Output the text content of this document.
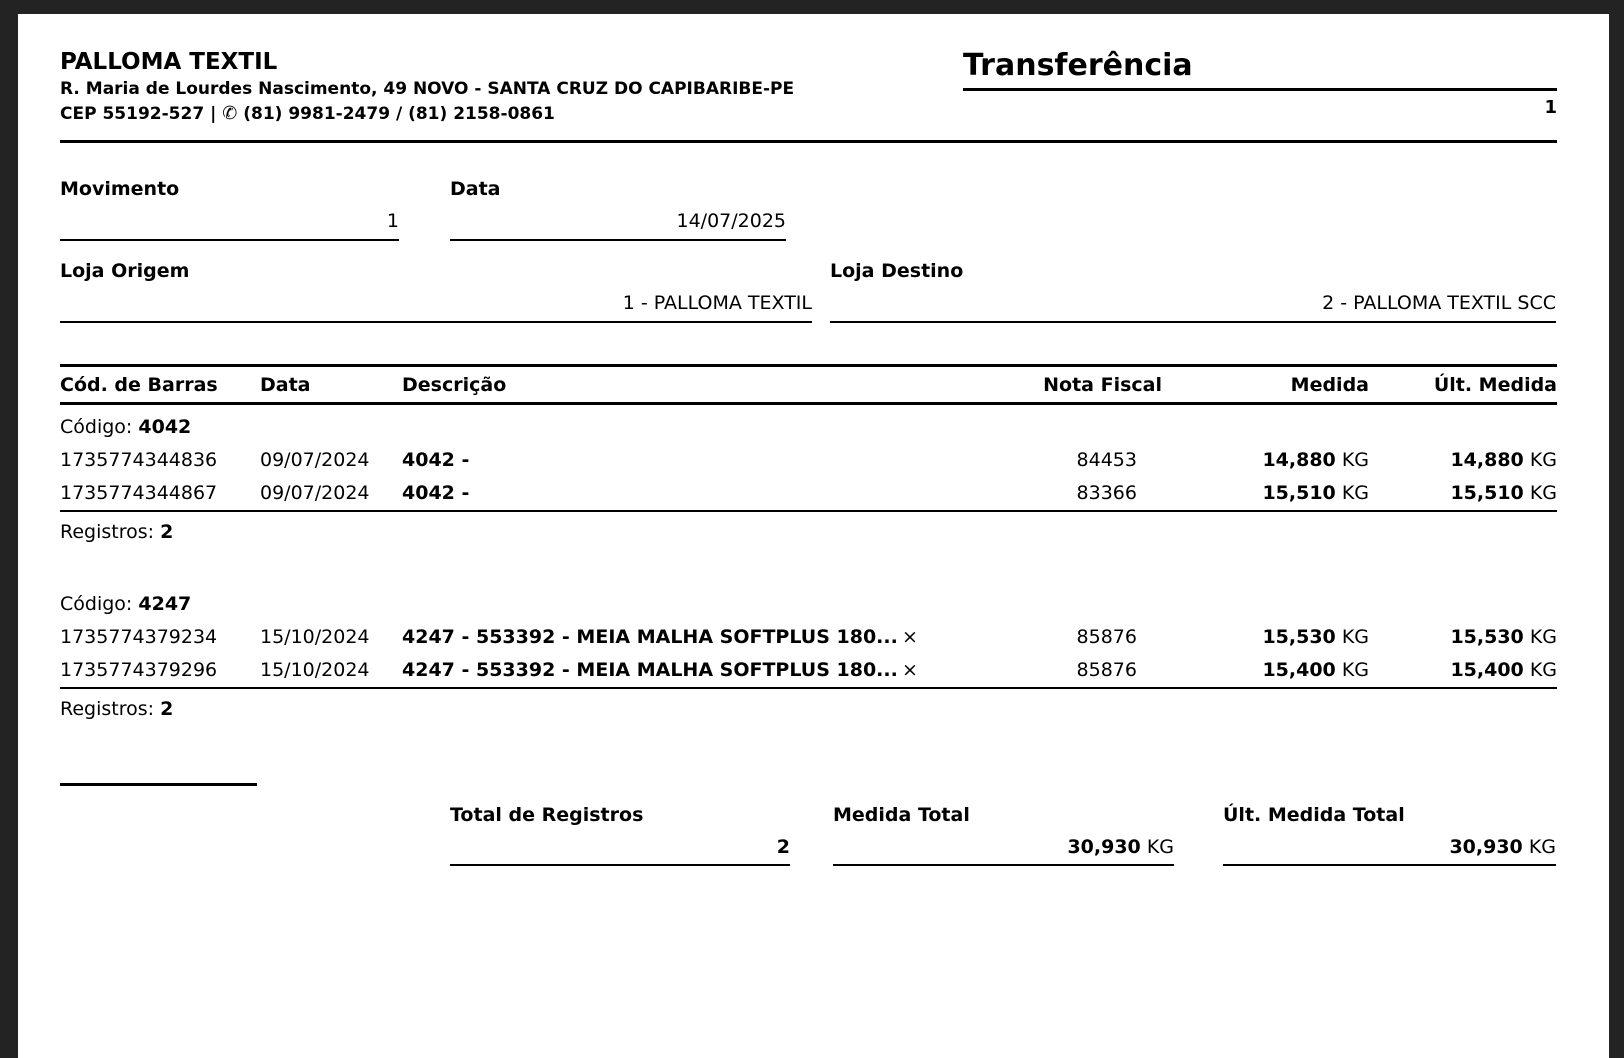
PALLOMA TEXTIL
R. Maria de Lourdes Nascimento, 49 NOVO - SANTA CRUZ DO CAPIBARIBE-PE
CEP 55192-527 | ✆ (81) 9981-2479 / (81) 2158-0861
Transferência
1
Movimento
1
Data
14/07/2025
Loja Origem
1 - PALLOMA TEXTIL
Loja Destino
2 - PALLOMA TEXTIL SCC
Cód. de Barras	Data	Descrição	Nota Fiscal	Medida	Últ. Medida
Código: 4042
1735774344836	09/07/2024	4042 -	84453	14,880 KG	14,880 KG
1735774344867	09/07/2024	4042 -	83366	15,510 KG	15,510 KG
Registros: 2
Código: 4247
1735774379234	15/10/2024	4247 - 553392 - MEIA MALHA SOFTPLUS 180... ×	85876	15,530 KG	15,530 KG
1735774379296	15/10/2024	4247 - 553392 - MEIA MALHA SOFTPLUS 180... ×	85876	15,400 KG	15,400 KG
Registros: 2
Total de Registros
2
Medida Total
30,930 KG
Últ. Medida Total
30,930 KG
